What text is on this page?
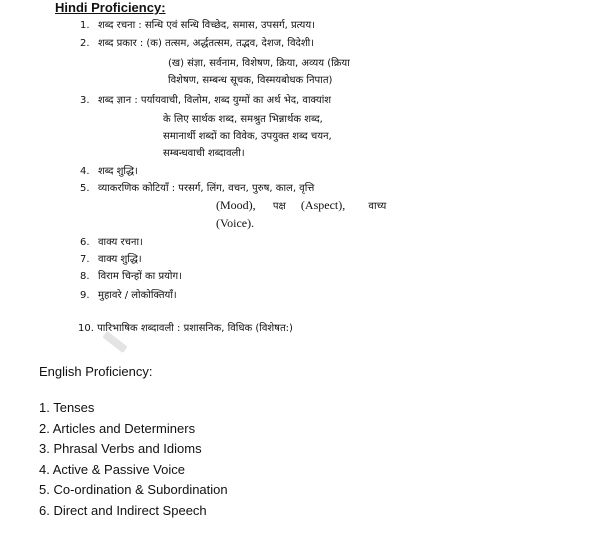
Hindi Proficiency:
1. शब्द रचना : सन्धि एवं सन्धि विच्छेद, समास, उपसर्ग, प्रत्यय।
2. शब्द प्रकार : (क) तत्सम, अर्द्धतत्सम, तद्भव, देशज, विदेशी।
(ख) संज्ञा, सर्वनाम, विशेषण, क्रिया, अव्यय (क्रिया
विशेषण, सम्बन्ध सूचक, विस्मयबोधक निपात)
3. शब्द ज्ञान : पर्यायवाची, विलोम, शब्द युग्मों का अर्थ भेद, वाक्यांश
के लिए सार्थक शब्द, समश्रुत भिन्नार्थक शब्द,
समानार्थी शब्दों का विवेक, उपयुक्त शब्द चयन,
सम्बन्धवाची शब्दावली।
4. शब्द शुद्धि।
5. व्याकरणिक कोटियाँ : परसर्ग, लिंग, वचन, पुरुष, काल, वृत्ति
(Mood), पक्ष (Aspect), वाच्य
(Voice).
6. वाक्य रचना।
7. वाक्य शुद्धि।
8. विराम चिन्हों का प्रयोग।
9. मुहावरे / लोकोक्तियाँ।
10. पारिभाषिक शब्दावली : प्रशासनिक, विधिक (विशेषत:)
English Proficiency:
1. Tenses
2. Articles and Determiners
3. Phrasal Verbs and Idioms
4. Active & Passive Voice
5. Co-ordination & Subordination
6. Direct and Indirect Speech
